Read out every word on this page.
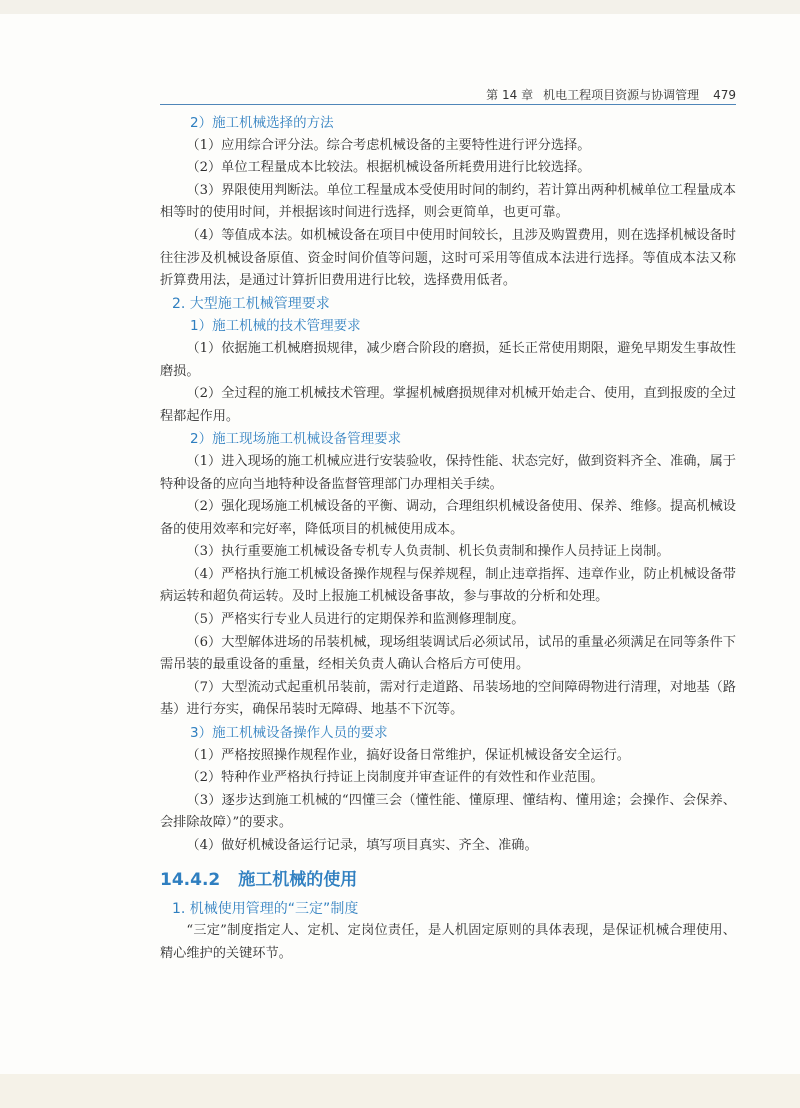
第 14 章 机电工程项目资源与协调管理 479
2）施工机械选择的方法

（1）应用综合评分法。综合考虑机械设备的主要特性进行评分选择。

（2）单位工程量成本比较法。根据机械设备所耗费用进行比较选择。

（3）界限使用判断法。单位工程量成本受使用时间的制约，若计算出两种机械单位工程量成本相等时的使用时间，并根据该时间进行选择，则会更简单，也更可靠。

（4）等值成本法。如机械设备在项目中使用时间较长，且涉及购置费用，则在选择机械设备时往往涉及机械设备原值、资金时间价值等问题，这时可采用等值成本法进行选择。等值成本法又称折算费用法，是通过计算折旧费用进行比较，选择费用低者。

2. 大型施工机械管理要求
1）施工机械的技术管理要求

（1）依据施工机械磨损规律，减少磨合阶段的磨损，延长正常使用期限，避免早期发生事故性磨损。

（2）全过程的施工机械技术管理。掌握机械磨损规律对机械开始走合、使用，直到报废的全过程都起作用。

2）施工现场施工机械设备管理要求

（1）进入现场的施工机械应进行安装验收，保持性能、状态完好，做到资料齐全、准确，属于特种设备的应向当地特种设备监督管理部门办理相关手续。

（2）强化现场施工机械设备的平衡、调动，合理组织机械设备使用、保养、维修。提高机械设备的使用效率和完好率，降低项目的机械使用成本。

（3）执行重要施工机械设备专机专人负责制、机长负责制和操作人员持证上岗制。

（4）严格执行施工机械设备操作规程与保养规程，制止违章指挥、违章作业，防止机械设备带病运转和超负荷运转。及时上报施工机械设备事故，参与事故的分析和处理。

（5）严格实行专业人员进行的定期保养和监测修理制度。

（6）大型解体进场的吊装机械，现场组装调试后必须试吊，试吊的重量必须满足在同等条件下需吊装的最重设备的重量，经相关负责人确认合格后方可使用。

（7）大型流动式起重机吊装前，需对行走道路、吊装场地的空间障碍物进行清理，对地基（路基）进行夯实，确保吊装时无障碍、地基不下沉等。

3）施工机械设备操作人员的要求

（1）严格按照操作规程作业，搞好设备日常维护，保证机械设备安全运行。

（2）特种作业严格执行持证上岗制度并审查证件的有效性和作业范围。

（3）逐步达到施工机械的“四懂三会（懂性能、懂原理、懂结构、懂用途；会操作、会保养、会排除故障）”的要求。

（4）做好机械设备运行记录，填写项目真实、齐全、准确。

14.4.2 施工机械的使用
1. 机械使用管理的“三定”制度

“三定”制度指定人、定机、定岗位责任，是人机固定原则的具体表现，是保证机械合理使用、精心维护的关键环节。
